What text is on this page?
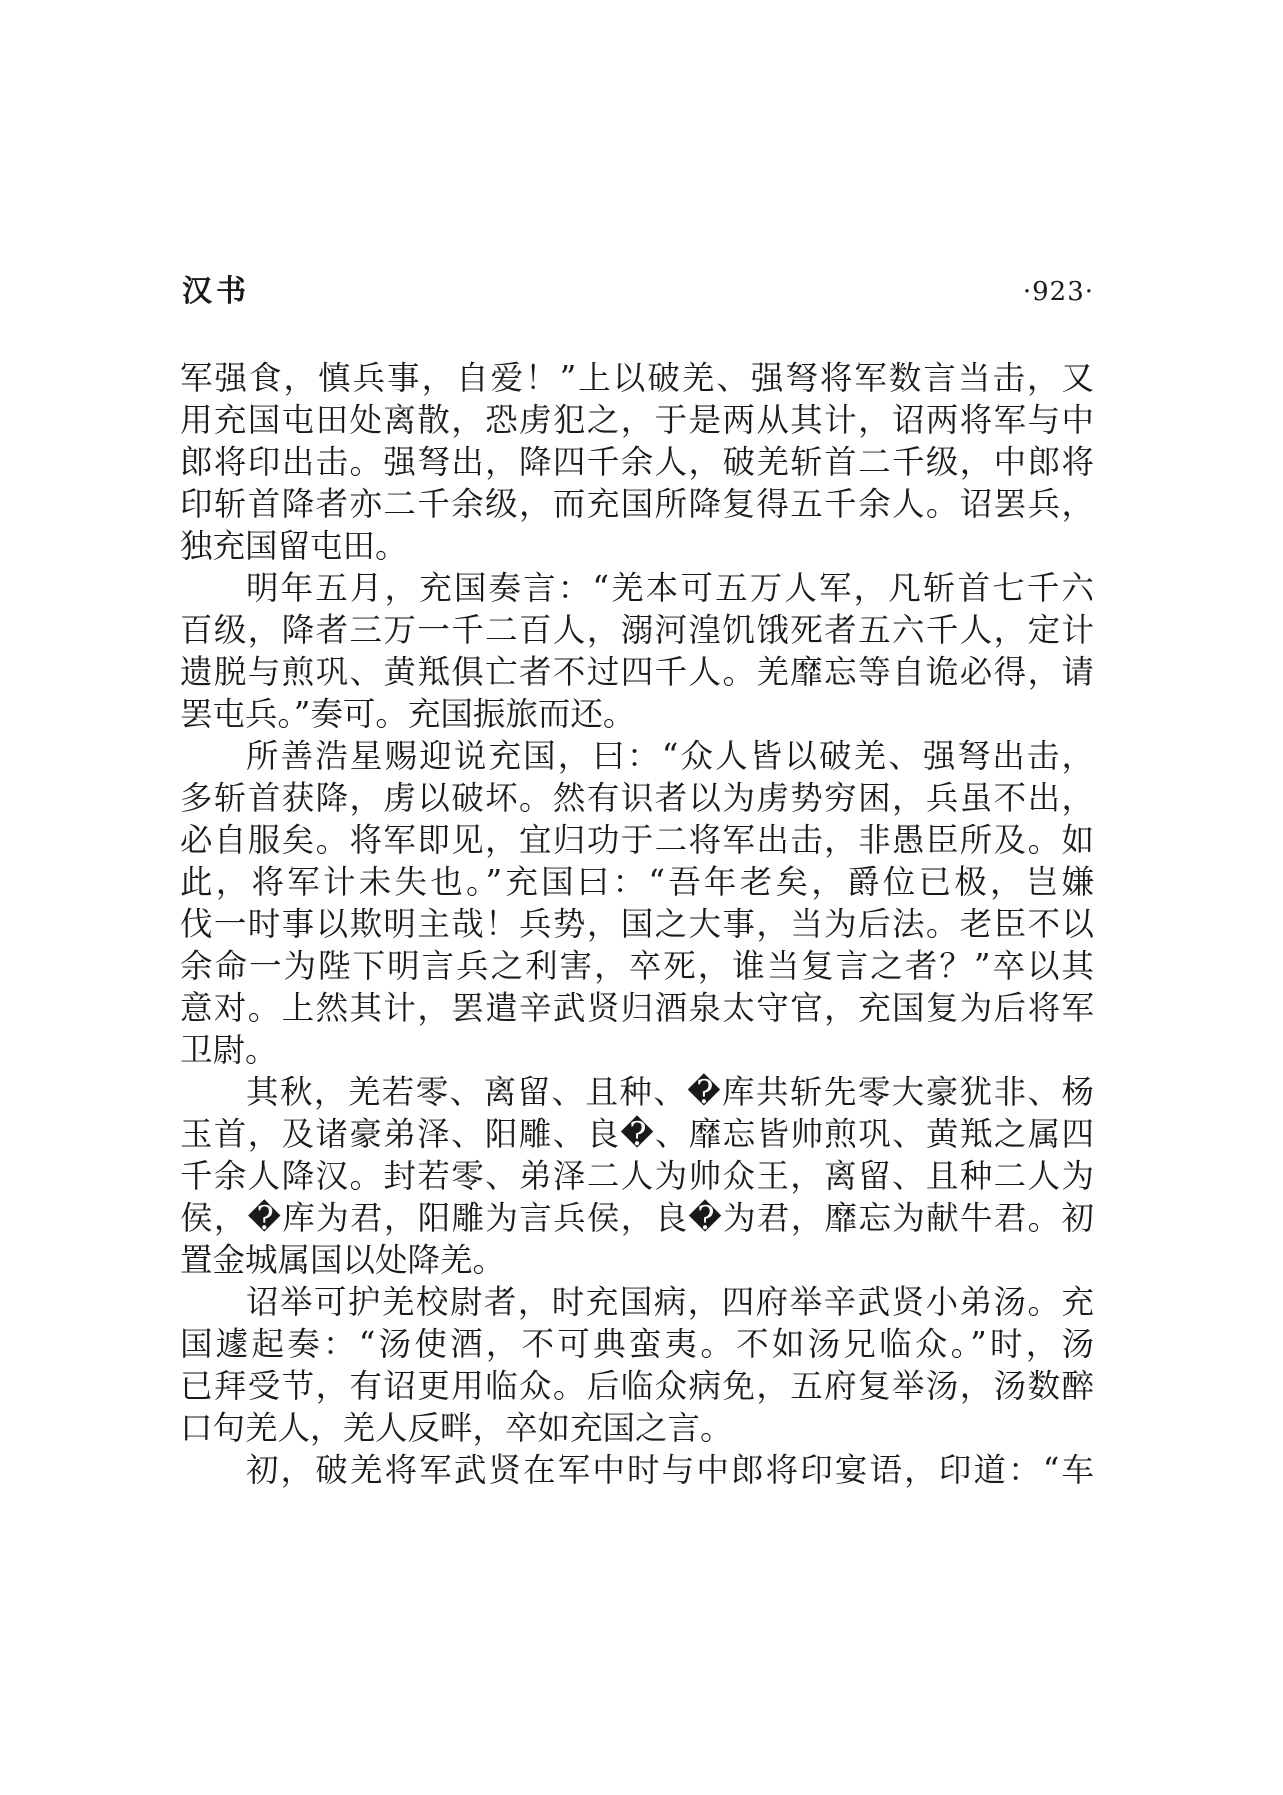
汉书	·923·
军强食，慎兵事，自爱！”上以破羌、强弩将军数言当击，又
用充国屯田处离散，恐虏犯之，于是两从其计，诏两将军与中
郎将印出击。强弩出，降四千余人，破羌斩首二千级，中郎将
印斩首降者亦二千余级，而充国所降复得五千余人。诏罢兵，
独充国留屯田。
明年五月，充国奏言：“羌本可五万人军，凡斩首七千六
百级，降者三万一千二百人，溺河湟饥饿死者五六千人，定计
遗脱与煎巩、黄羝俱亡者不过四千人。羌靡忘等自诡必得，请
罢屯兵。”奏可。充国振旅而还。
所善浩星赐迎说充国，曰：“众人皆以破羌、强弩出击，
多斩首获降，虏以破坏。然有识者以为虏势穷困，兵虽不出，
必自服矣。将军即见，宜归功于二将军出击，非愚臣所及。如
此，将军计未失也。”充国曰：“吾年老矣，爵位已极，岂嫌
伐一时事以欺明主哉！兵势，国之大事，当为后法。老臣不以
余命一为陛下明言兵之利害，卒死，谁当复言之者？”卒以其
意对。上然其计，罢遣辛武贤归酒泉太守官，充国复为后将军
卫尉。
其秋，羌若零、离留、且种、�库共斩先零大豪犹非、杨
玉首，及诸豪弟泽、阳雕、良�、靡忘皆帅煎巩、黄羝之属四
千余人降汉。封若零、弟泽二人为帅众王，离留、且种二人为
侯，�库为君，阳雕为言兵侯，良�为君，靡忘为献牛君。初
置金城属国以处降羌。
诏举可护羌校尉者，时充国病，四府举辛武贤小弟汤。充
国遽起奏：“汤使酒，不可典蛮夷。不如汤兄临众。”时，汤
已拜受节，有诏更用临众。后临众病免，五府复举汤，汤数醉
口句羌人，羌人反畔，卒如充国之言。
初，破羌将军武贤在军中时与中郎将印宴语，印道：“车
